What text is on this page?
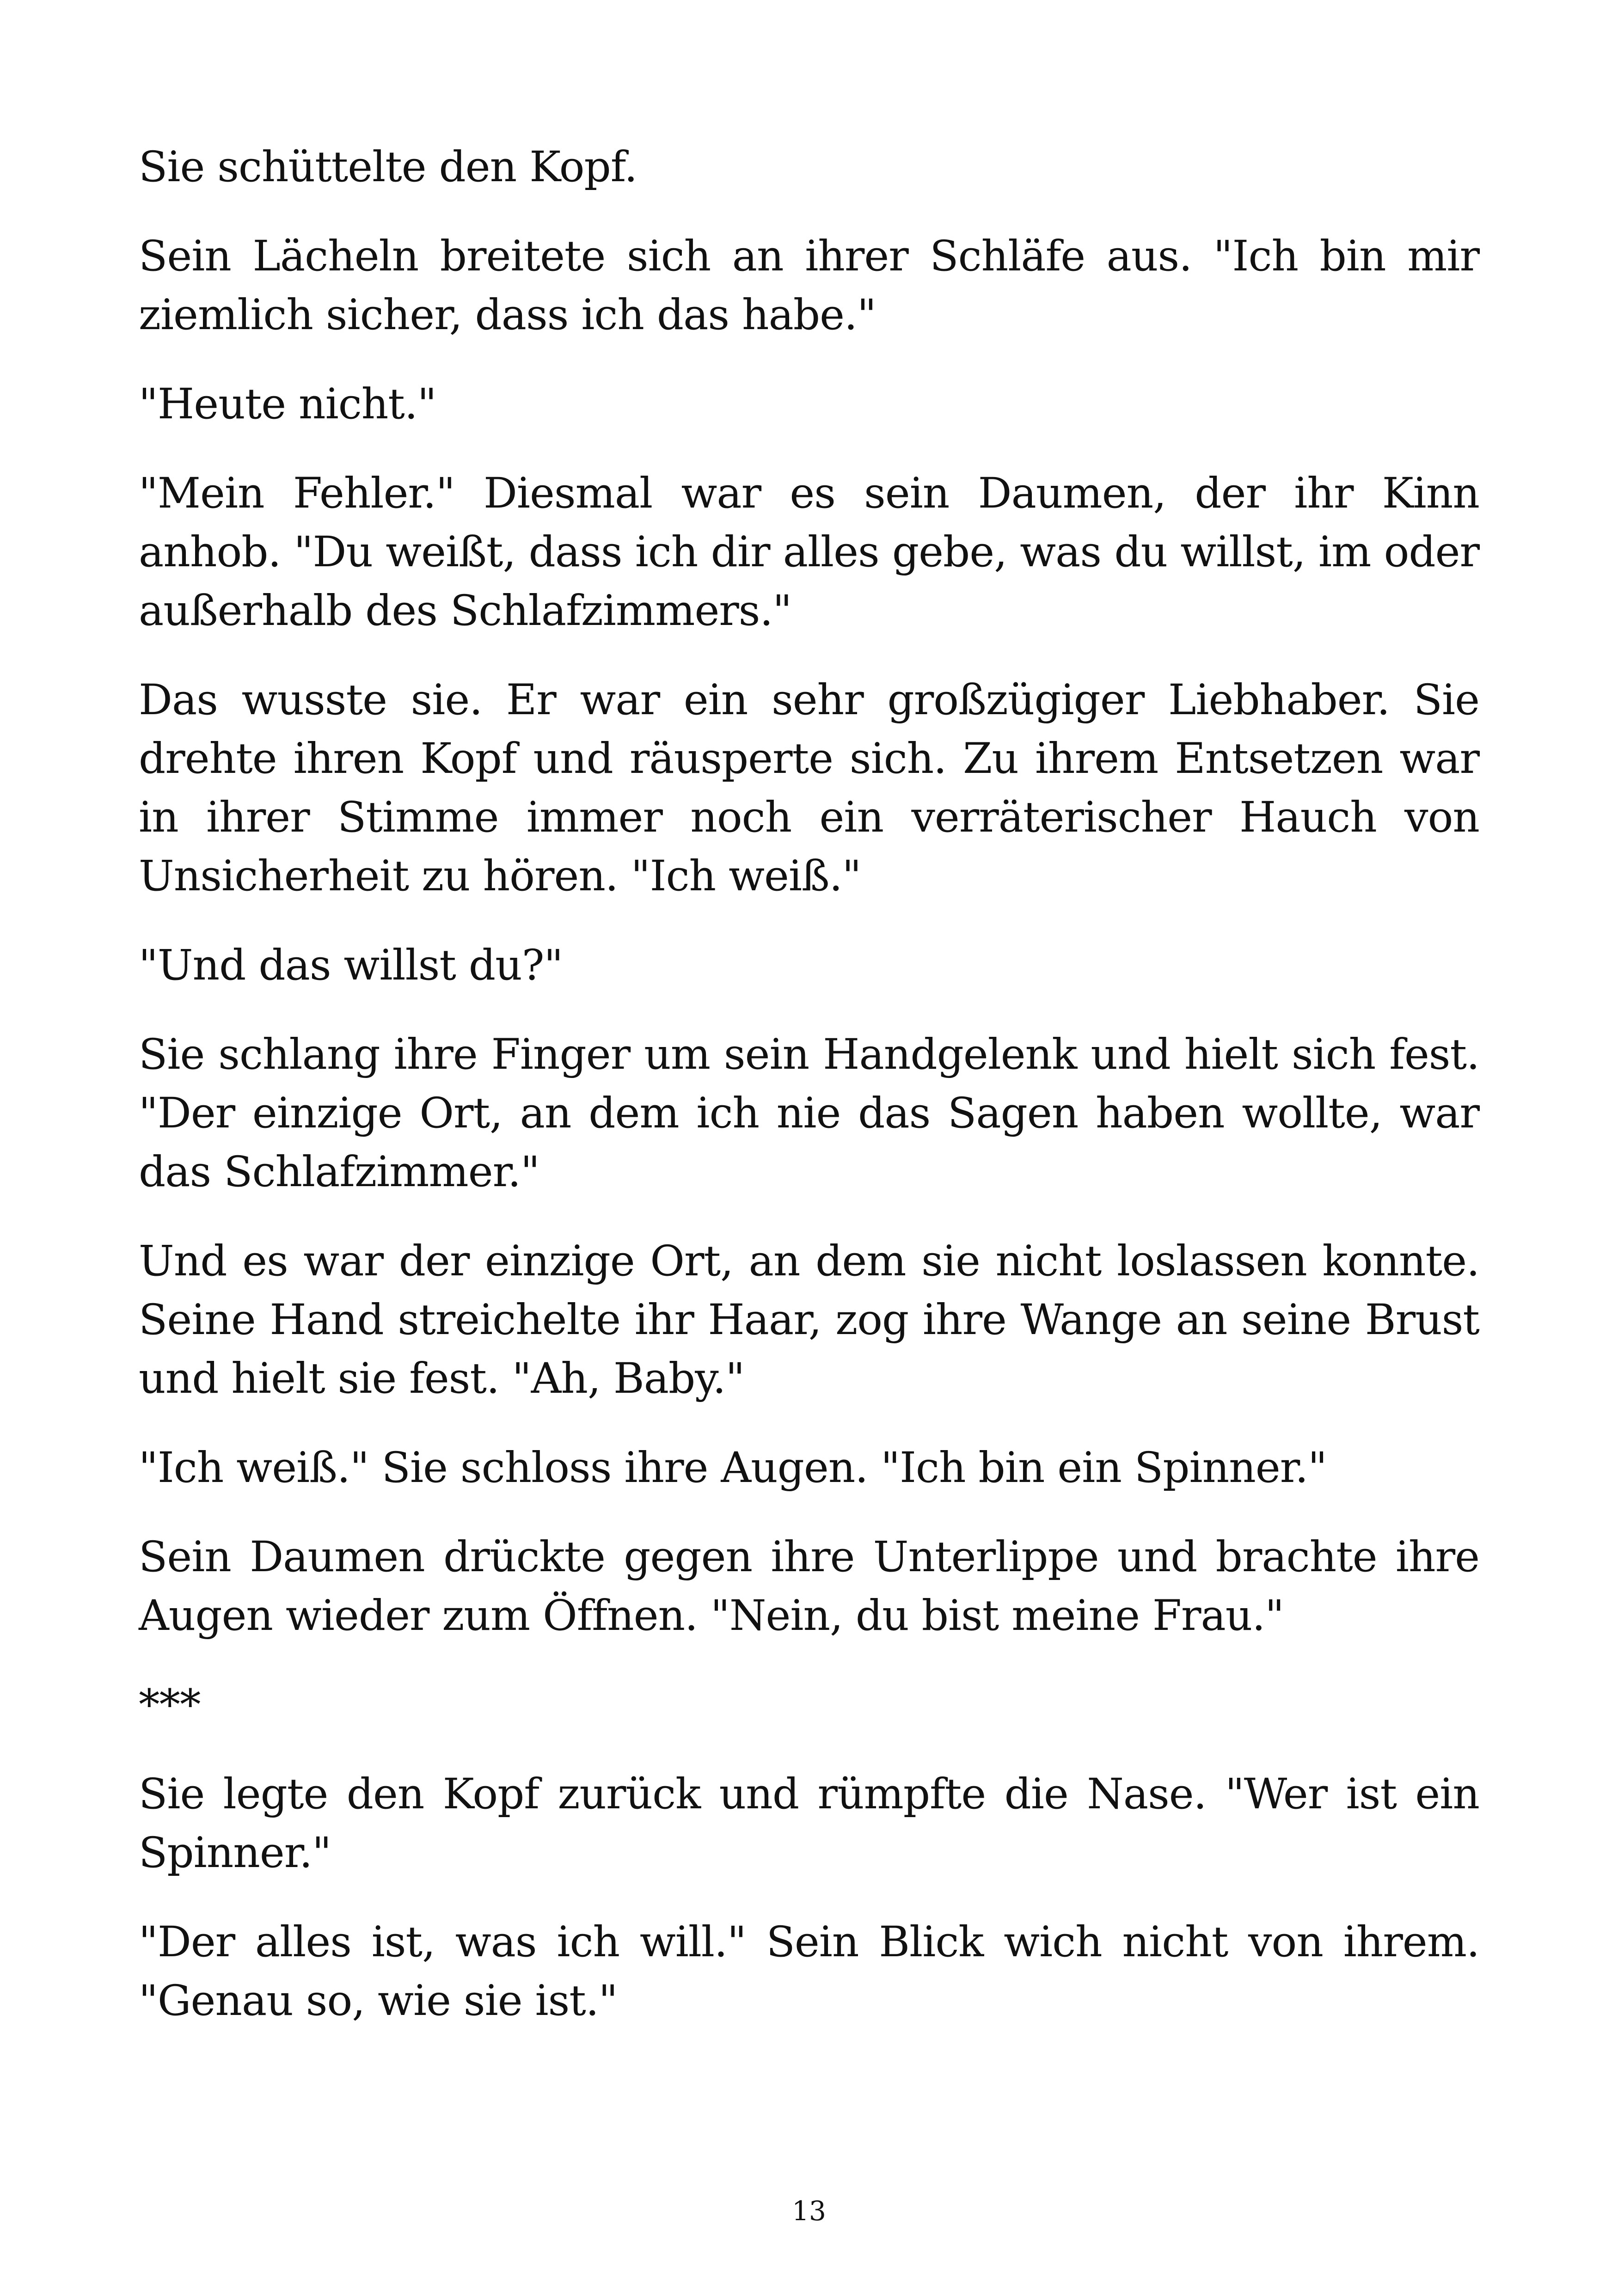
Sie schüttelte den Kopf.

Sein Lächeln breitete sich an ihrer Schläfe aus. "Ich bin mir ziemlich sicher, dass ich das habe."

"Heute nicht."

"Mein Fehler." Diesmal war es sein Daumen, der ihr Kinn anhob. "Du weißt, dass ich dir alles gebe, was du willst, im oder außerhalb des Schlafzimmers."

Das wusste sie. Er war ein sehr großzügiger Liebhaber. Sie drehte ihren Kopf und räusperte sich. Zu ihrem Entsetzen war in ihrer Stimme immer noch ein verräterischer Hauch von Unsicherheit zu hören. "Ich weiß."

"Und das willst du?"

Sie schlang ihre Finger um sein Handgelenk und hielt sich fest. "Der einzige Ort, an dem ich nie das Sagen haben wollte, war das Schlafzimmer."

Und es war der einzige Ort, an dem sie nicht loslassen konnte. Seine Hand streichelte ihr Haar, zog ihre Wange an seine Brust und hielt sie fest. "Ah, Baby."

"Ich weiß." Sie schloss ihre Augen. "Ich bin ein Spinner."

Sein Daumen drückte gegen ihre Unterlippe und brachte ihre Augen wieder zum Öffnen. "Nein, du bist meine Frau."

***

Sie legte den Kopf zurück und rümpfte die Nase. "Wer ist ein Spinner."

"Der alles ist, was ich will." Sein Blick wich nicht von ihrem. "Genau so, wie sie ist."

13
